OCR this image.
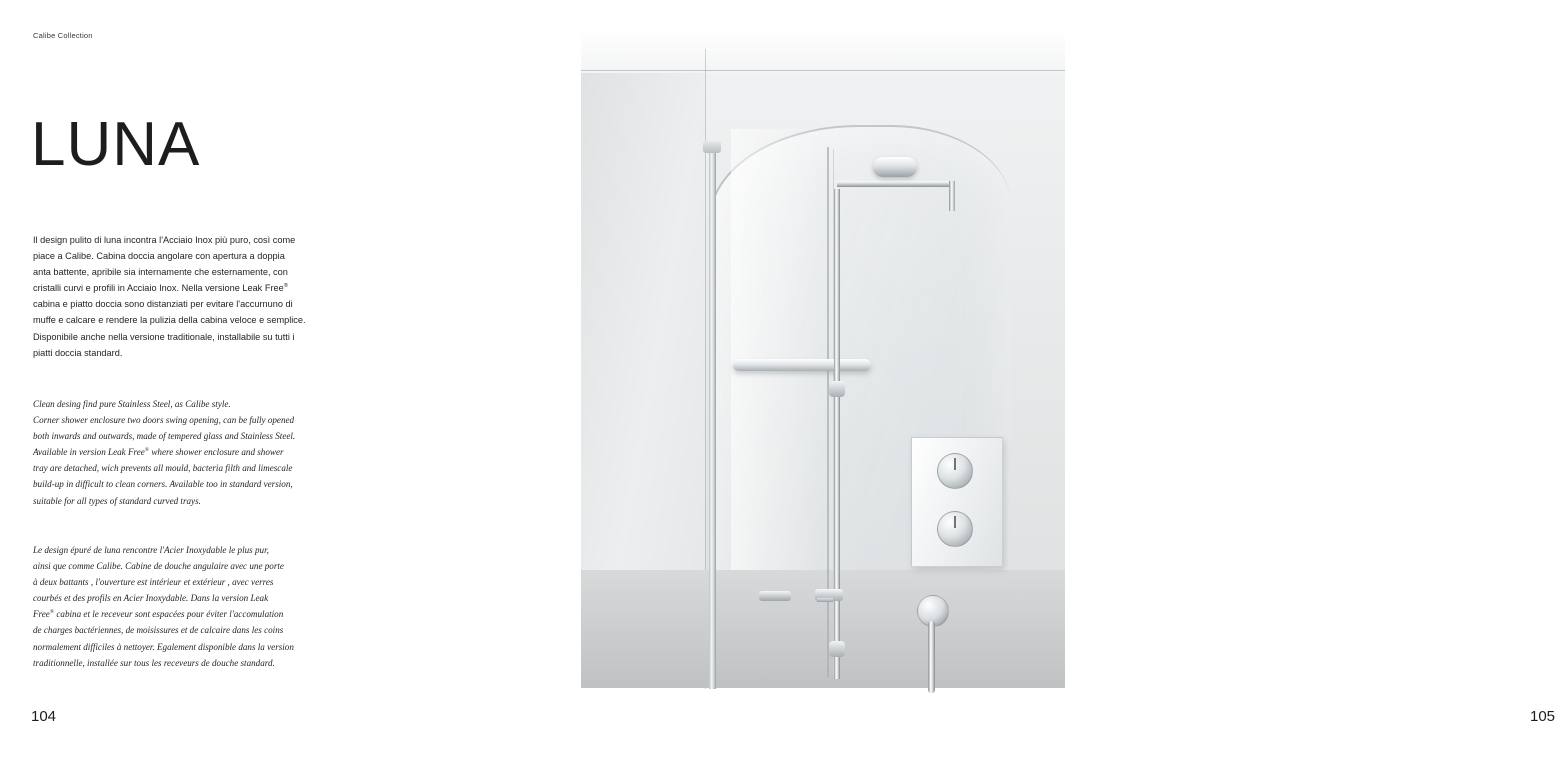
Calibe Collection
LUNA

Il design pulito di luna incontra l'Acciaio Inox più puro, così come

piace a Calibe. Cabina doccia angolare con apertura a doppia

anta battente, apribile sia internamente che esternamente, con

cristalli curvi e profili in Acciaio Inox. Nella versione Leak Free®

cabina e piatto doccia sono distanziati per evitare l'accurnuno di

muffe e calcare e rendere la pulizia della cabina veloce e semplice.

Disponibile anche nella versione traditionale, installabile su tutti i

piatti doccia standard.

Clean desing find pure Stainless Steel, as Calibe style.

Corner shower enclosure two doors swing opening, can be fully opened

both inwards and outwards, made of tempered glass and Stainless Steel.

Available in version Leak Free® where shower enclosure and shower

tray are detached, wich prevents all mould, bacteria filth and limescale

build-up in difficult to clean corners. Available too in standard version,

suitable for all types of standard curved trays.

Le design épuré de luna rencontre l'Acier Inoxydable le plus pur,

ainsi que comme Calibe. Cabine de douche angulaire avec une porte

à deux battants , l'ouverture est intérieur et extérieur , avec verres

courbés et des profils en Acier Inoxydable. Dans la version Leak

Free® cabina et le receveur sont espacées pour éviter l'accomulation

de charges bactériennes, de moisissures et de calcaire dans les coins

normalement difficiles à nettoyer. Egalement disponible dans la version

traditionnelle, installée sur tous les receveurs de douche standard.

104	105
